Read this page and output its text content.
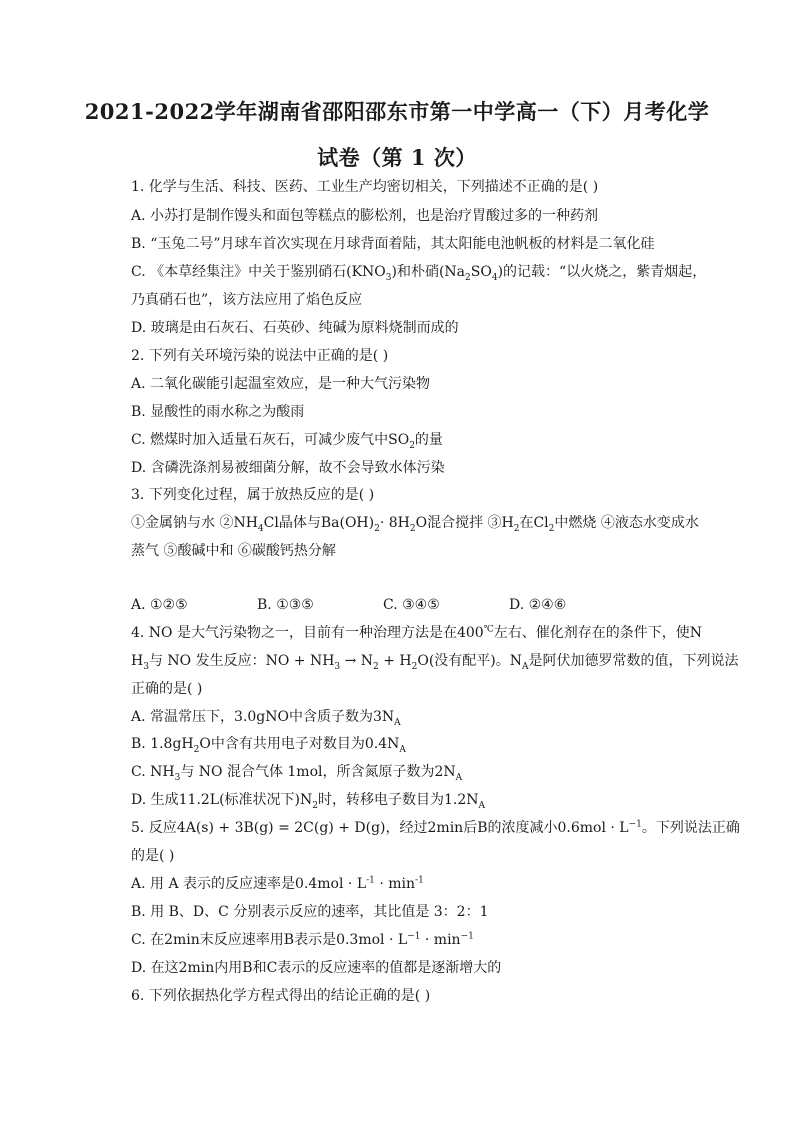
2021-2022学年湖南省邵阳邵东市第一中学高一（下）月考化学
试卷（第 1 次）
1. 化学与生活、科技、医药、工业生产均密切相关，下列描述不正确的是( )
A. 小苏打是制作馒头和面包等糕点的膨松剂，也是治疗胃酸过多的一种药剂
B. “玉兔二号”月球车首次实现在月球背面着陆，其太阳能电池帆板的材料是二氧化硅
C. 《本草经集注》中关于鉴别硝石$(KNO_3)$和朴硝$(Na_2SO_4)$的记载：“以火烧之，紫青烟起，
乃真硝石也”，该方法应用了焰色反应
D. 玻璃是由石灰石、石英砂、纯碱为原料烧制而成的
2. 下列有关环境污染的说法中正确的是( )
A. 二氧化碳能引起温室效应，是一种大气污染物
B. 显酸性的雨水称之为酸雨
C. 燃煤时加入适量石灰石，可减少废气中$SO_2$的量
D. 含磷洗涤剂易被细菌分解，故不会导致水体污染
3. 下列变化过程，属于放热反应的是( )
①金属钠与水 $②NH_4Cl$晶体与$Ba(OH)_2\cdot 8H_2O$混合搅拌 $③H_2$在$Cl_2$中燃烧 ④液态水变成水
蒸气 ⑤酸碱中和 ⑥碳酸钙热分解
A. ①②⑤	B. ①③⑤	C. ③④⑤	D. ②④⑥
4. NO 是大气污染物之一，目前有一种治理方法是在400℃左右、催化剂存在的条件下，使N
$H_3$与 NO 发生反应：NO + $NH_3 \to N_2 + H_2O$(没有配平)。$N_A$是阿伏加德罗常数的值，下列说法
正确的是( )
A. 常温常压下，3.0gNO中含质子数为$3N_A$
B. $1.8gH_2O$中含有共用电子对数目为$0.4N_A$
C. $NH_3$与 NO 混合气体 1mol，所含氮原子数为$2N_A$
D. 生成11.2L(标准状况下)$N_2$时，转移电子数目为$1.2N_A$
5. 反应4A(s) + 3B(g) = 2C(g) + D(g)，经过2min后B的浓度减小$0.6mol \cdot L^{-1}$。下列说法正确
的是( )
A. 用 A 表示的反应速率是$0.4mol \cdot L^{-1} \cdot \min^{-1}$
B. 用 B、D、C 分别表示反应的速率，其比值是 3：2：1
C. 在2min末反应速率用B表示是$0.3mol \cdot L^{-1} \cdot \min^{-1}$
D. 在这2min内用B和C表示的反应速率的值都是逐渐增大的
6. 下列依据热化学方程式得出的结论正确的是( )
